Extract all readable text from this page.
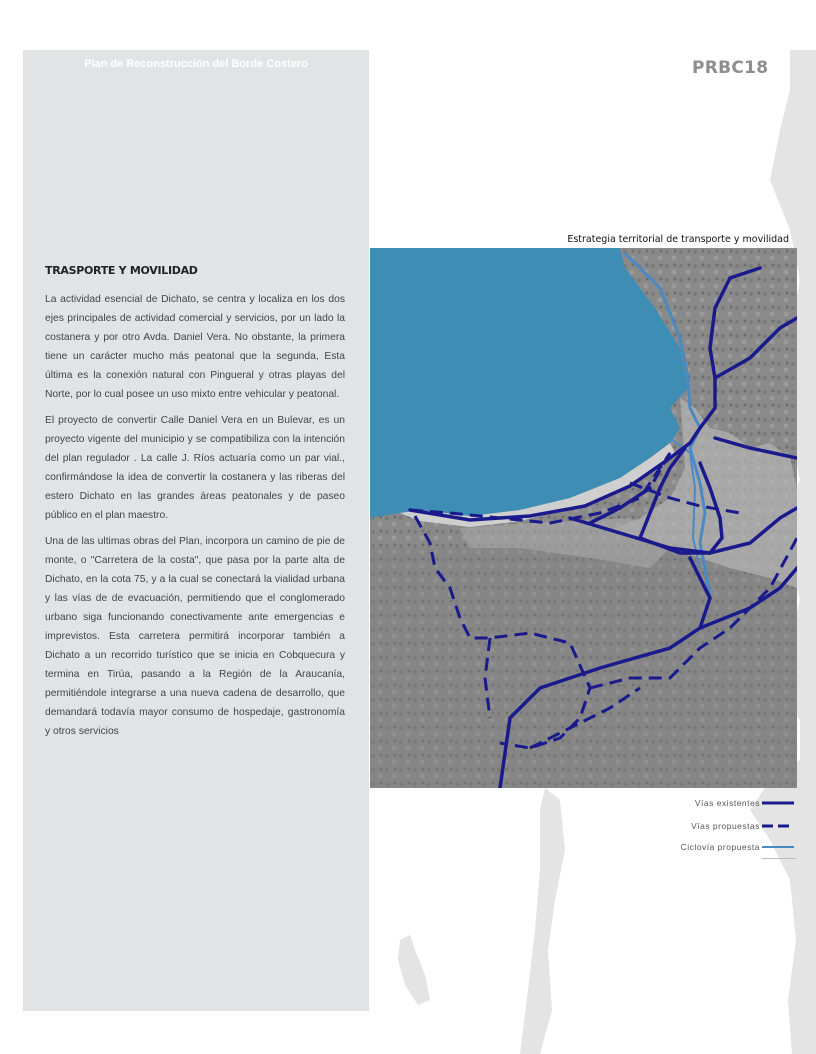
Plan de Reconstrucción del Borde Costero
TRASPORTE Y MOVILIDAD

La actividad esencial de Dichato, se centra y localiza en los dos ejes principales de actividad comercial y servicios, por un lado la costanera y por otro Avda. Daniel Vera. No obstante, la primera tiene un carácter mucho más peatonal que la segunda, Esta última es la conexión natural con Pingueral y otras playas del Norte, por lo cual posee un uso mixto entre vehicular y peatonal.

El proyecto de convertir Calle Daniel Vera en un Bulevar, es un proyecto vigente del municipio y se compatibiliza con la intención del plan regulador . La calle J. Ríos actuaría como un par vial., confirmándose la idea de convertir la costanera y las riberas del estero Dichato en las grandes áreas peatonales y de paseo público en el plan maestro.

Una de las ultimas obras del Plan, incorpora un camino de pie de monte, o "Carretera de la costa", que pasa por la parte alta de Dichato, en la cota 75, y a la cual se conectará la vialidad urbana y las vías de de evacuación, permitiendo que el conglomerado urbano siga funcionando conectivamente ante emergencias e imprevistos. Esta carretera permitirá incorporar también a Dichato a un recorrido turístico que se inicia en Cobquecura y termina en Tirúa, pasando a la Región de la Araucanía, permitiéndole integrarse a una nueva cadena de desarrollo, que demandará todavía mayor consumo de hospedaje, gastronomía y otros servicios

PRBC18
Estrategia territorial de transporte y movilidad
Vías existentes
Vías propuestas
Ciclovía propuesta
23
